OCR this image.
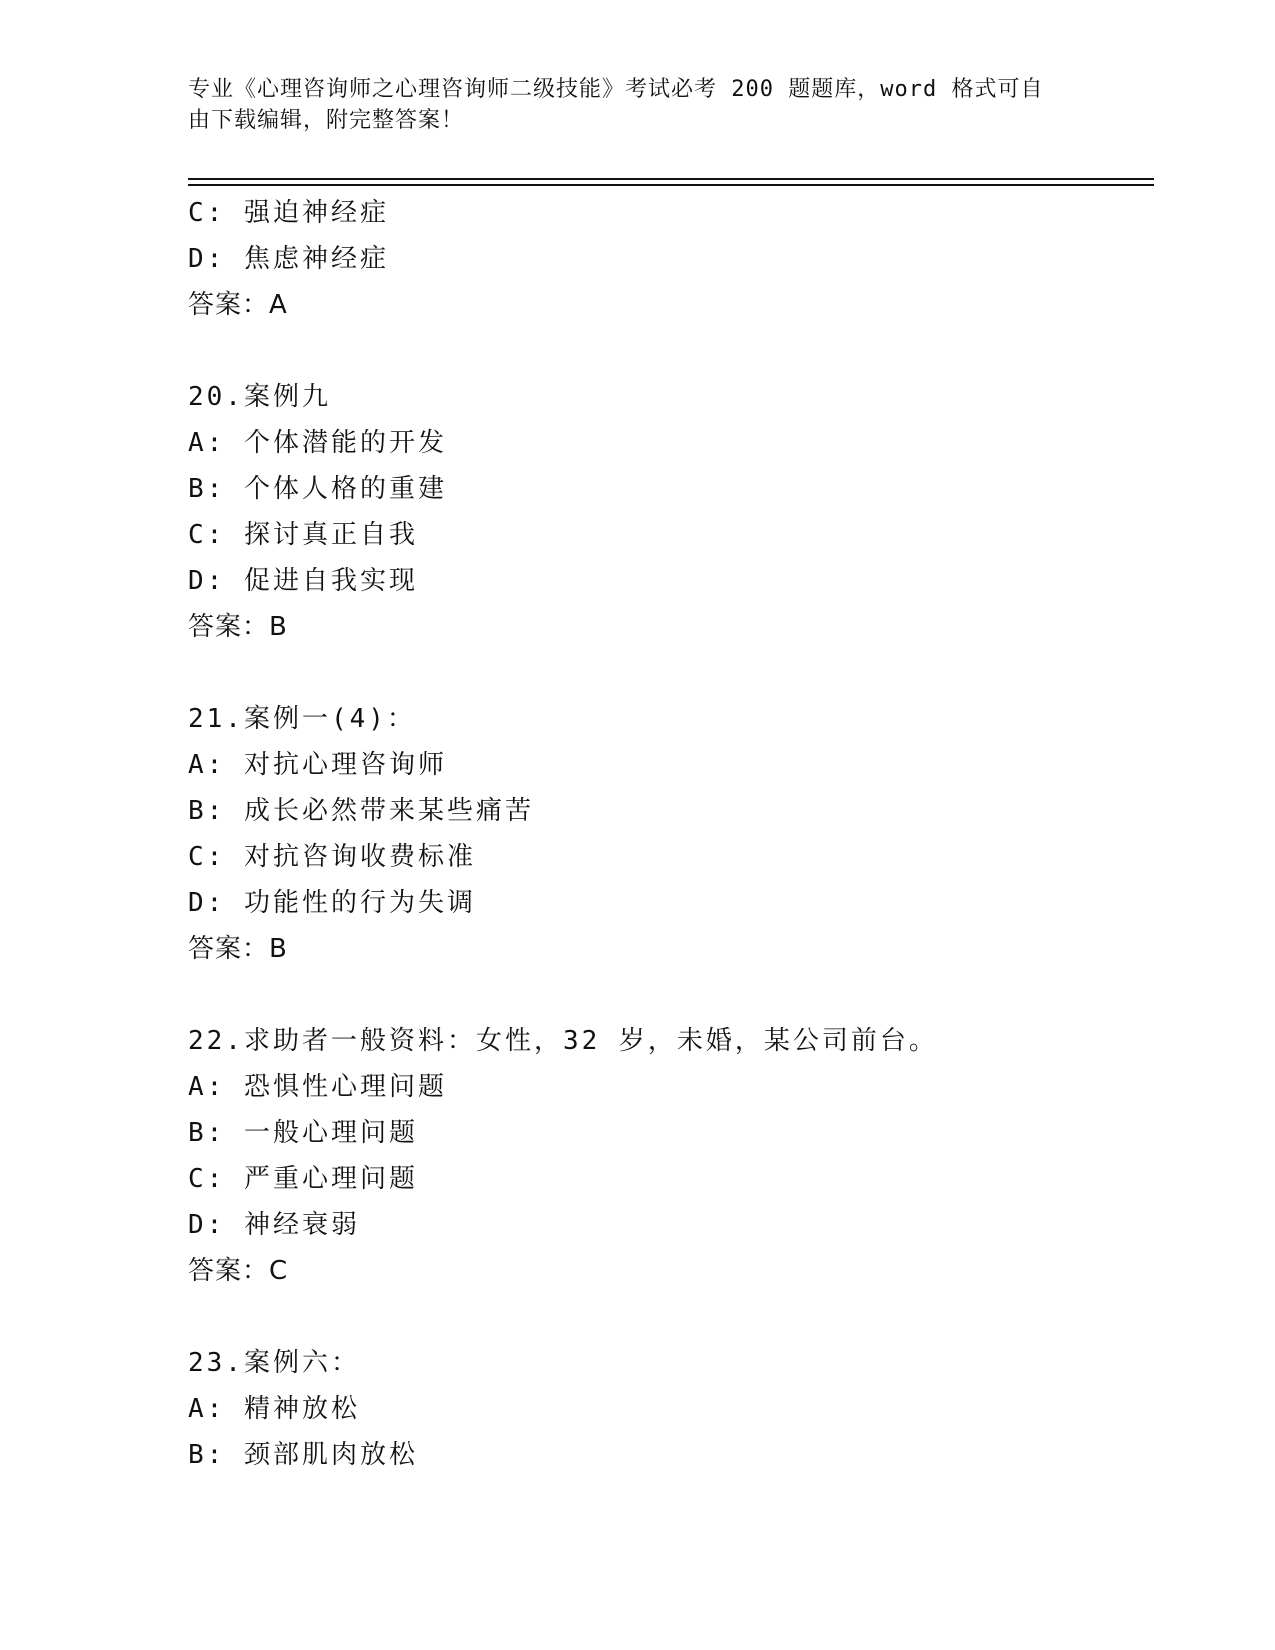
专业《心理咨询师之心理咨询师二级技能》考试必考 200 题题库，word 格式可自
由下载编辑，附完整答案！
C: 强迫神经症
D: 焦虑神经症
答案：A
20.案例九
A: 个体潜能的开发
B: 个体人格的重建
C: 探讨真正自我
D: 促进自我实现
答案：B
21.案例一(4)：
A: 对抗心理咨询师
B: 成长必然带来某些痛苦
C: 对抗咨询收费标准
D: 功能性的行为失调
答案：B
22.求助者一般资料：女性，32 岁，未婚，某公司前台。
A: 恐惧性心理问题
B: 一般心理问题
C: 严重心理问题
D: 神经衰弱
答案：C
23.案例六：
A: 精神放松
B: 颈部肌肉放松
